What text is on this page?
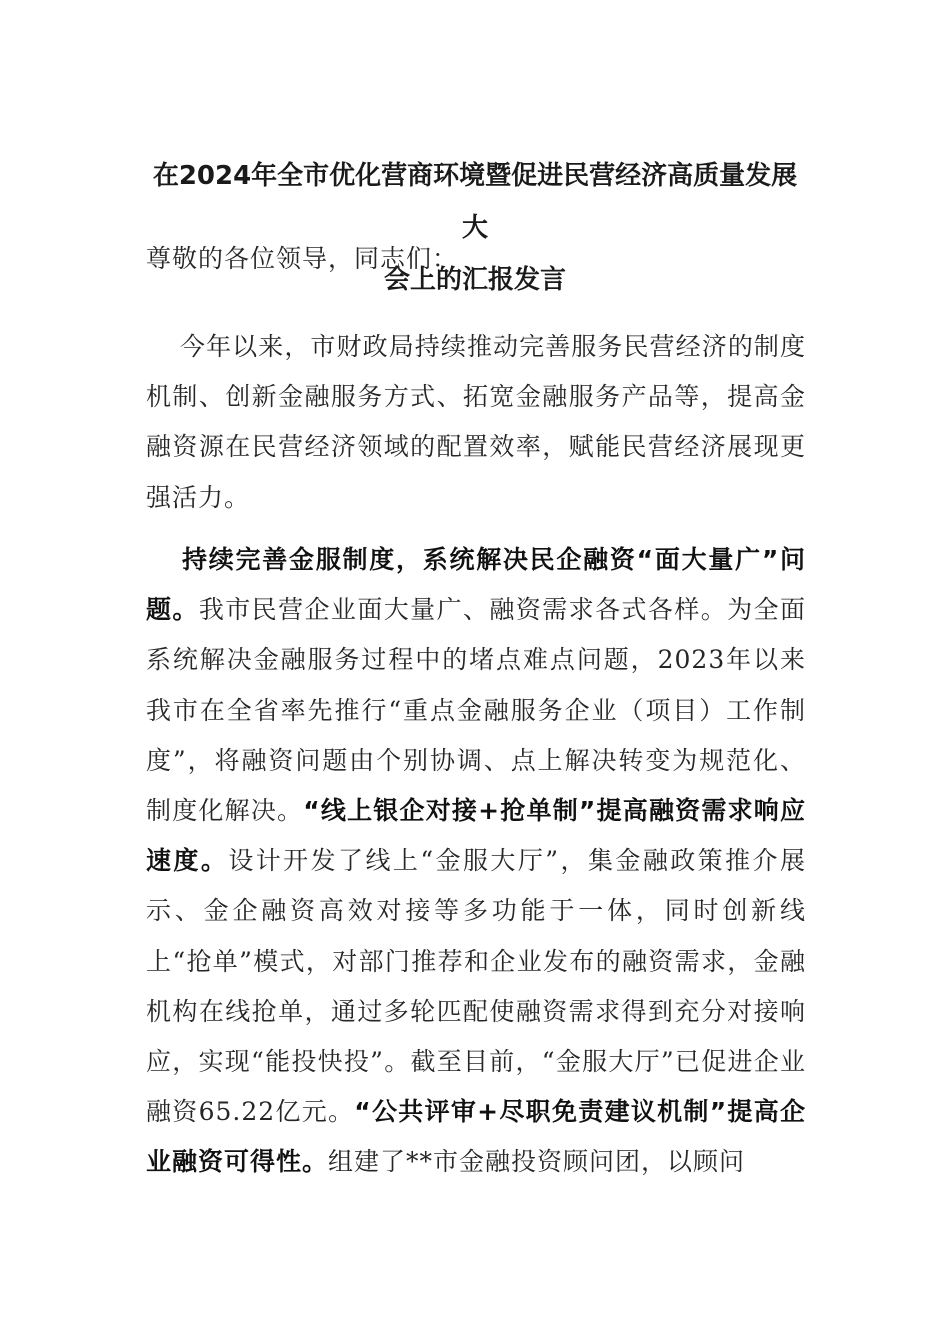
在2024年全市优化营商环境暨促进民营经济高质量发展大
会上的汇报发言

尊敬的各位领导，同志们：

今年以来，市财政局持续推动完善服务民营经济的制度机制、创新金融服务方式、拓宽金融服务产品等，提高金融资源在民营经济领域的配置效率，赋能民营经济展现更强活力。

持续完善金服制度，系统解决民企融资“面大量广”问题。我市民营企业面大量广、融资需求各式各样。为全面系统解决金融服务过程中的堵点难点问题，2023年以来我市在全省率先推行“重点金融服务企业（项目）工作制度”，将融资问题由个别协调、点上解决转变为规范化、制度化解决。“线上银企对接+抢单制”提高融资需求响应速度。设计开发了线上“金服大厅”，集金融政策推介展示、金企融资高效对接等多功能于一体，同时创新线上“抢单”模式，对部门推荐和企业发布的融资需求，金融机构在线抢单，通过多轮匹配使融资需求得到充分对接响应，实现“能投快投”。截至目前，“金服大厅”已促进企业融资65.22亿元。“公共评审+尽职免责建议机制”提高企业融资可得性。组建了**市金融投资顾问团，以顾问
